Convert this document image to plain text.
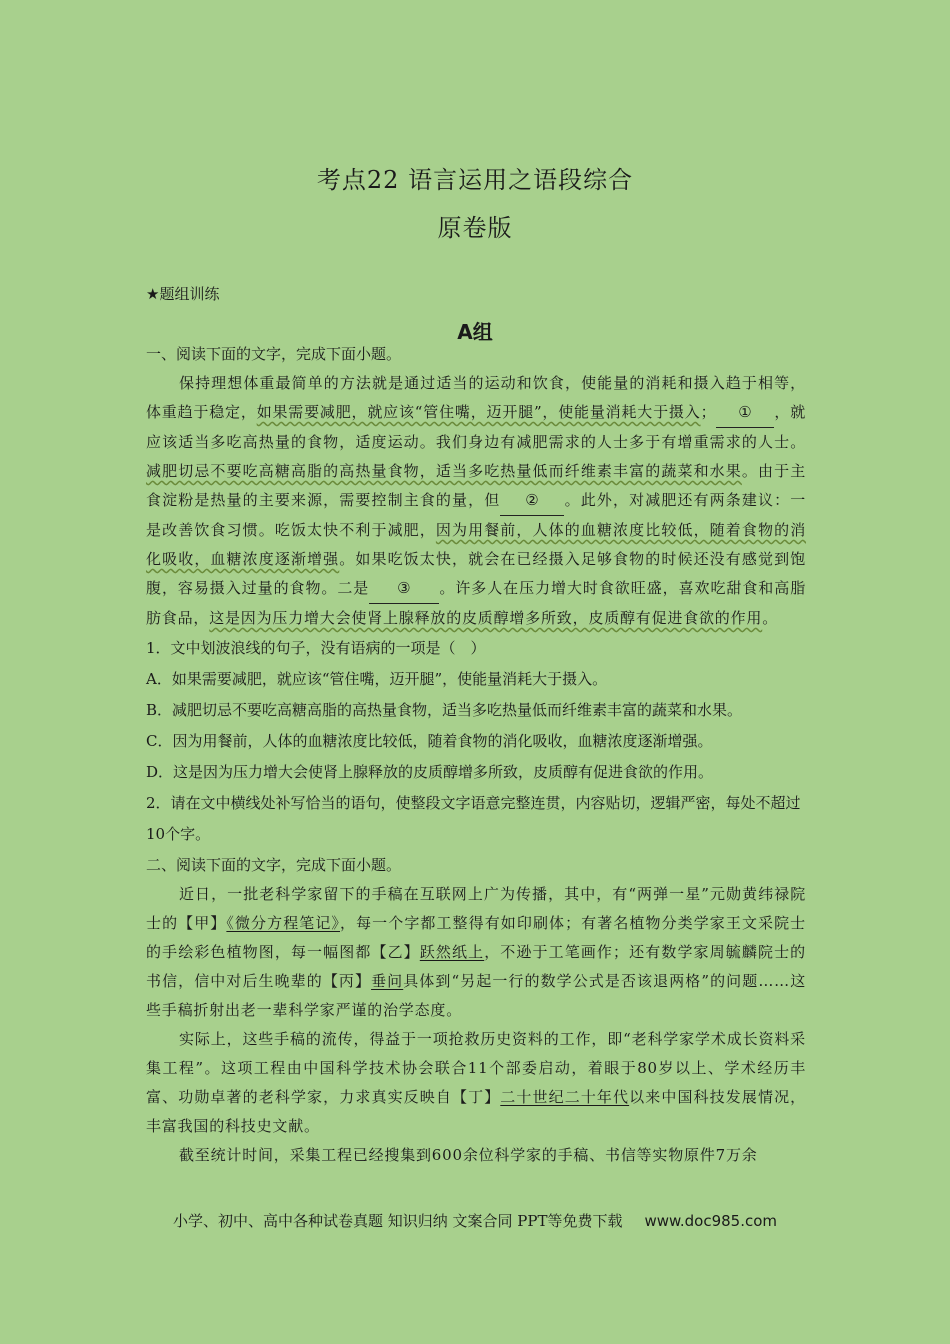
考点22 语言运用之语段综合
原卷版
★题组训练
A组
一、阅读下面的文字，完成下面小题。
保持理想体重最简单的方法就是通过适当的运动和饮食，使能量的消耗和摄入趋于相等，体重趋于稳定，如果需要减肥，就应该“管住嘴，迈开腿”，使能量消耗大于摄入； ① ，就应该适当多吃高热量的食物，适度运动。我们身边有减肥需求的人士多于有增重需求的人士。减肥切忌不要吃高糖高脂的高热量食物，适当多吃热量低而纤维素丰富的蔬菜和水果。由于主食淀粉是热量的主要来源，需要控制主食的量，但 ② 。此外，对减肥还有两条建议：一是改善饮食习惯。吃饭太快不利于减肥，因为用餐前，人体的血糖浓度比较低，随着食物的消化吸收，血糖浓度逐渐增强。如果吃饭太快，就会在已经摄入足够食物的时候还没有感觉到饱腹，容易摄入过量的食物。二是 ③ 。许多人在压力增大时食欲旺盛，喜欢吃甜食和高脂肪食品，这是因为压力增大会使肾上腺释放的皮质醇增多所致，皮质醇有促进食欲的作用。
1．文中划波浪线的句子，没有语病的一项是（　）
A．如果需要减肥，就应该“管住嘴，迈开腿”，使能量消耗大于摄入。
B．减肥切忌不要吃高糖高脂的高热量食物，适当多吃热量低而纤维素丰富的蔬菜和水果。
C．因为用餐前，人体的血糖浓度比较低，随着食物的消化吸收，血糖浓度逐渐增强。
D．这是因为压力增大会使肾上腺释放的皮质醇增多所致，皮质醇有促进食欲的作用。
2．请在文中横线处补写恰当的语句，使整段文字语意完整连贯，内容贴切，逻辑严密，每处不超过10个字。
二、阅读下面的文字，完成下面小题。
近日，一批老科学家留下的手稿在互联网上广为传播，其中，有“两弹一星”元勋黄纬禄院士的【甲】《微分方程笔记》，每一个字都工整得有如印刷体；有著名植物分类学家王文采院士的手绘彩色植物图，每一幅图都【乙】跃然纸上，不逊于工笔画作；还有数学家周毓麟院士的书信，信中对后生晚辈的【丙】垂问具体到“另起一行的数学公式是否该退两格”的问题……这些手稿折射出老一辈科学家严谨的治学态度。
实际上，这些手稿的流传，得益于一项抢救历史资料的工作，即“老科学家学术成长资料采集工程”。这项工程由中国科学技术协会联合11个部委启动，着眼于80岁以上、学术经历丰富、功勋卓著的老科学家，力求真实反映自【丁】二十世纪二十年代以来中国科技发展情况，丰富我国的科技史文献。
截至统计时间，采集工程已经搜集到600余位科学家的手稿、书信等实物原件7万余
小学、初中、高中各种试卷真题 知识归纳 文案合同 PPT等免费下载 www.doc985.com
